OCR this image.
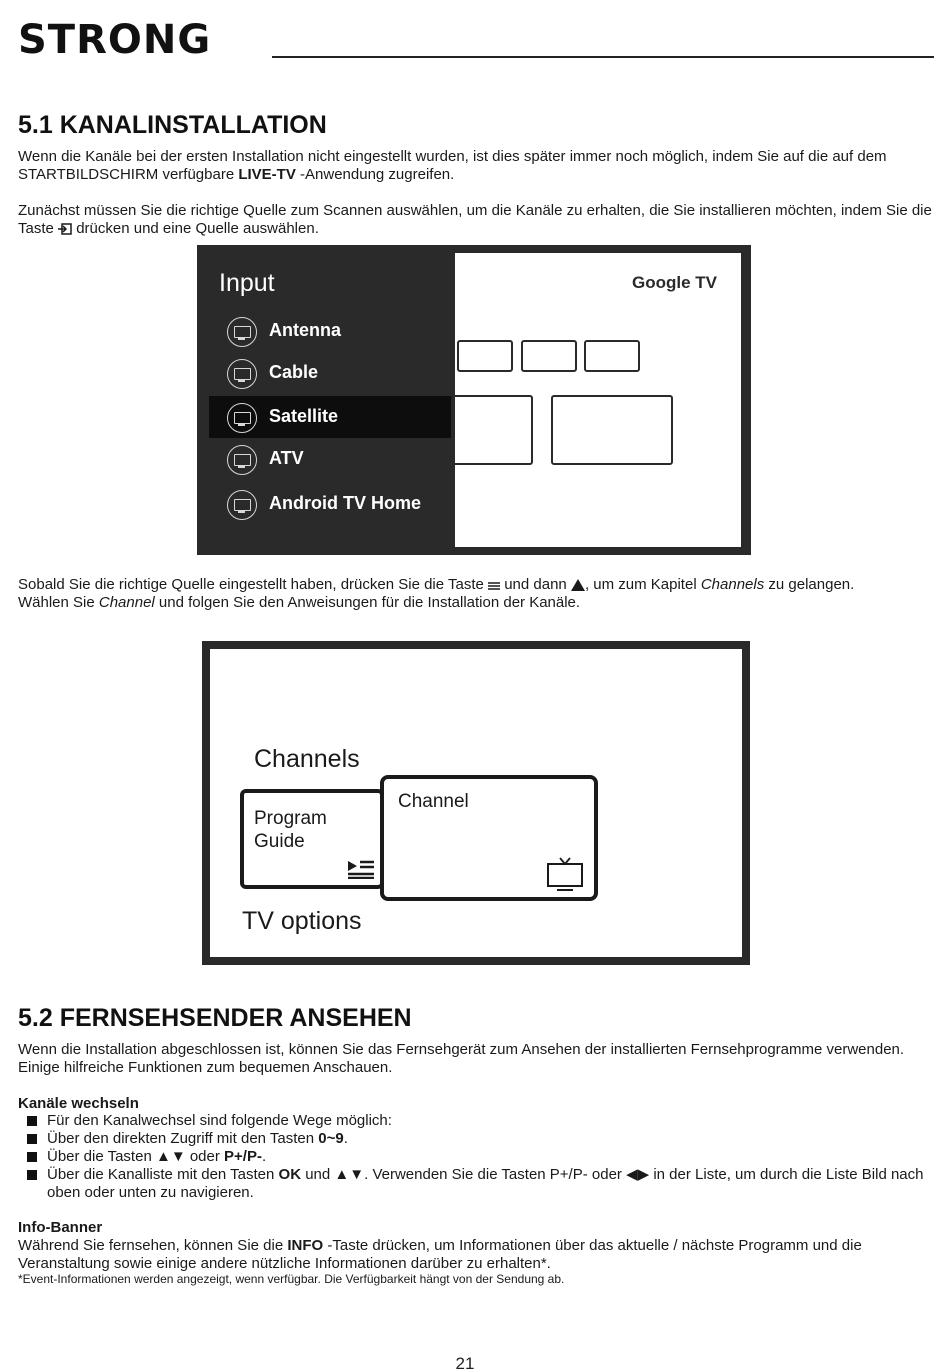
STRONG
5.1 KANALINSTALLATION
Wenn die Kanäle bei der ersten Installation nicht eingestellt wurden, ist dies später immer noch möglich, indem Sie auf die auf dem STARTBILDSCHIRM verfügbare LIVE-TV -Anwendung zugreifen.
Zunächst müssen Sie die richtige Quelle zum Scannen auswählen, um die Kanäle zu erhalten, die Sie installieren möchten, indem Sie die Taste  drücken und eine Quelle auswählen.
Input
Antenna
Cable
Satellite
ATV
Android TV Home
Google TV
Sobald Sie die richtige Quelle eingestellt haben, drücken Sie die Taste  und dann , um zum Kapitel Channels zu gelangen.
Wählen Sie Channel und folgen Sie den Anweisungen für die Installation der Kanäle.
Channels
Program Guide
Channel
TV options
5.2 FERNSEHSENDER ANSEHEN
Wenn die Installation abgeschlossen ist, können Sie das Fernsehgerät zum Ansehen der installierten Fernsehprogramme verwenden. Einige hilfreiche Funktionen zum bequemen Anschauen.
Kanäle wechseln
Für den Kanalwechsel sind folgende Wege möglich:
Über den direkten Zugriff mit den Tasten 0~9.
Über die Tasten ▲▼ oder P+/P-.
Über die Kanalliste mit den Tasten OK und ▲▼. Verwenden Sie die Tasten P+/P- oder ◀▶ in der Liste, um durch die Liste Bild nach oben oder unten zu navigieren.
Info-Banner
Während Sie fernsehen, können Sie die INFO -Taste drücken, um Informationen über das aktuelle / nächste Programm und die Veranstaltung sowie einige andere nützliche Informationen darüber zu erhalten*.
*Event-Informationen werden angezeigt, wenn verfügbar. Die Verfügbarkeit hängt von der Sendung ab.
21
